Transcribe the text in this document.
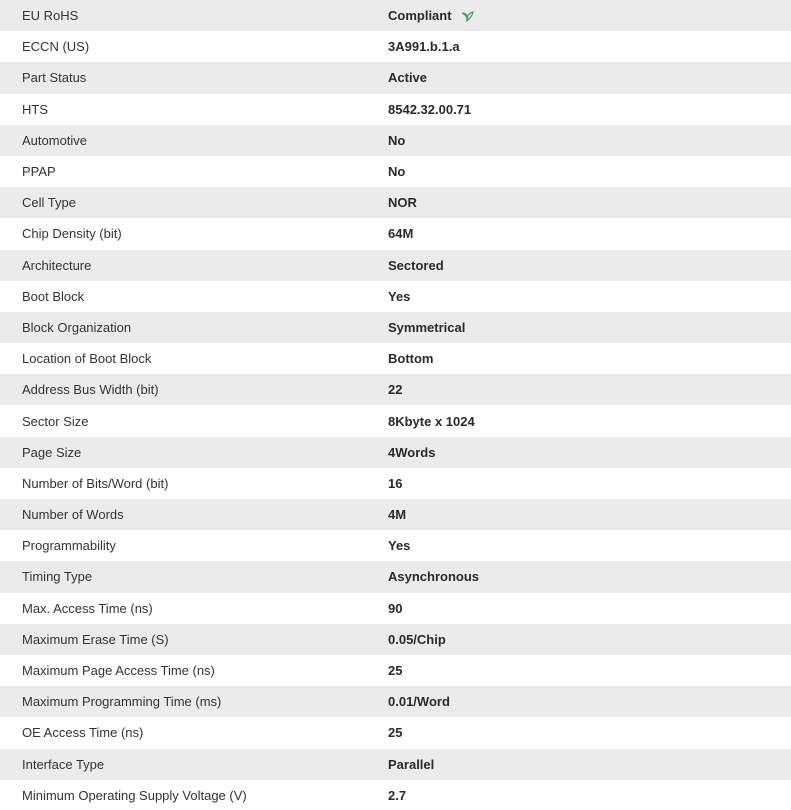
EU RoHS	Compliant
ECCN (US)	3A991.b.1.a
Part Status	Active
HTS	8542.32.00.71
Automotive	No
PPAP	No
Cell Type	NOR
Chip Density (bit)	64M
Architecture	Sectored
Boot Block	Yes
Block Organization	Symmetrical
Location of Boot Block	Bottom
Address Bus Width (bit)	22
Sector Size	8Kbyte x 1024
Page Size	4Words
Number of Bits/Word (bit)	16
Number of Words	4M
Programmability	Yes
Timing Type	Asynchronous
Max. Access Time (ns)	90
Maximum Erase Time (S)	0.05/Chip
Maximum Page Access Time (ns)	25
Maximum Programming Time (ms)	0.01/Word
OE Access Time (ns)	25
Interface Type	Parallel
Minimum Operating Supply Voltage (V)	2.7
